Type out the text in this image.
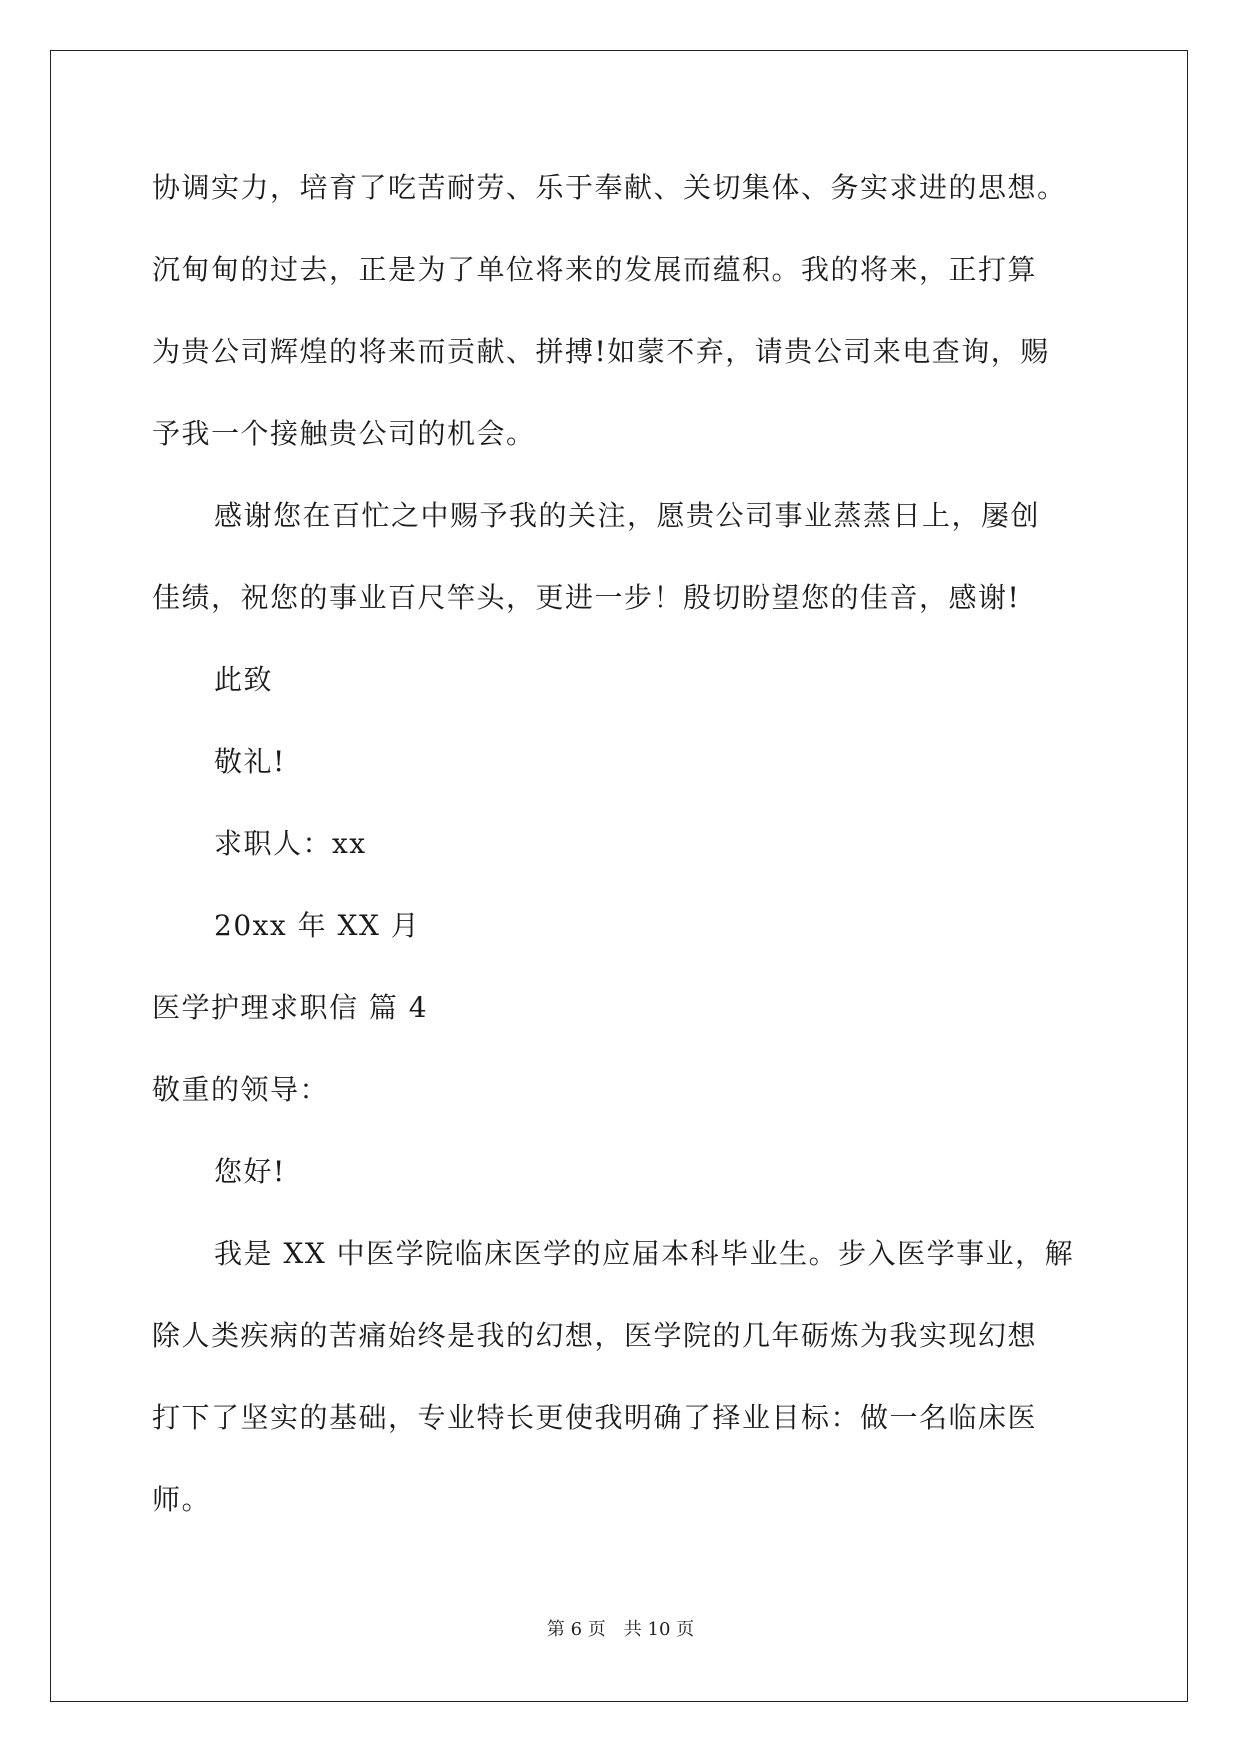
协调实力，培育了吃苦耐劳、乐于奉献、关切集体、务实求进的思想。
沉甸甸的过去，正是为了单位将来的发展而蕴积。我的将来，正打算
为贵公司辉煌的将来而贡献、拼搏!如蒙不弃，请贵公司来电查询，赐
予我一个接触贵公司的机会。
感谢您在百忙之中赐予我的关注，愿贵公司事业蒸蒸日上，屡创
佳绩，祝您的事业百尺竿头，更进一步！殷切盼望您的佳音，感谢!
此致
敬礼!
求职人：xx
20xx 年 XX 月
医学护理求职信 篇 4
敬重的领导：
您好!
我是 XX 中医学院临床医学的应届本科毕业生。步入医学事业，解
除人类疾病的苦痛始终是我的幻想，医学院的几年砺炼为我实现幻想
打下了坚实的基础，专业特长更使我明确了择业目标：做一名临床医
师。
第 6 页 共 10 页
